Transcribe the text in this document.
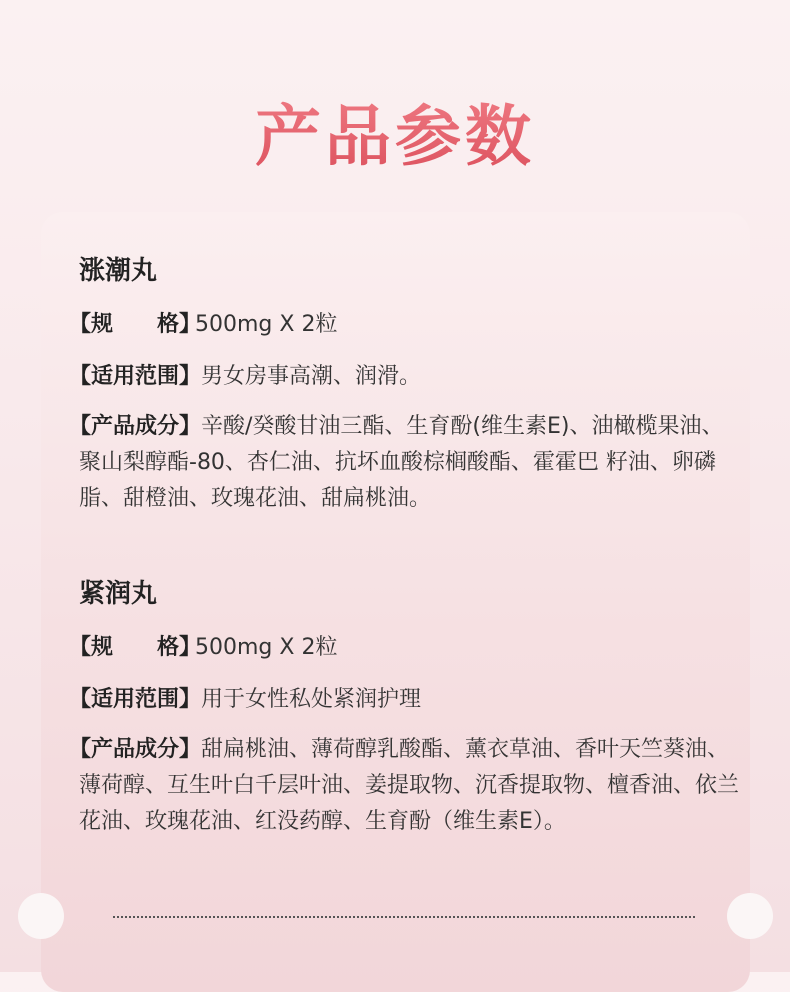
产品参数
涨潮丸
【规　　格】500mg X 2粒
【适用范围】男女房事高潮、润滑。
【产品成分】辛酸/癸酸甘油三酯、生育酚(维生素E)、油橄榄果油、聚山梨醇酯-80、杏仁油、抗坏血酸棕榈酸酯、霍霍巴 籽油、卵磷脂、甜橙油、玫瑰花油、甜扁桃油。
紧润丸
【规　　格】500mg X 2粒
【适用范围】用于女性私处紧润护理
【产品成分】甜扁桃油、薄荷醇乳酸酯、薰衣草油、香叶天竺葵油、薄荷醇、互生叶白千层叶油、姜提取物、沉香提取物、檀香油、依兰花油、玫瑰花油、红没药醇、生育酚（维生素E）。
